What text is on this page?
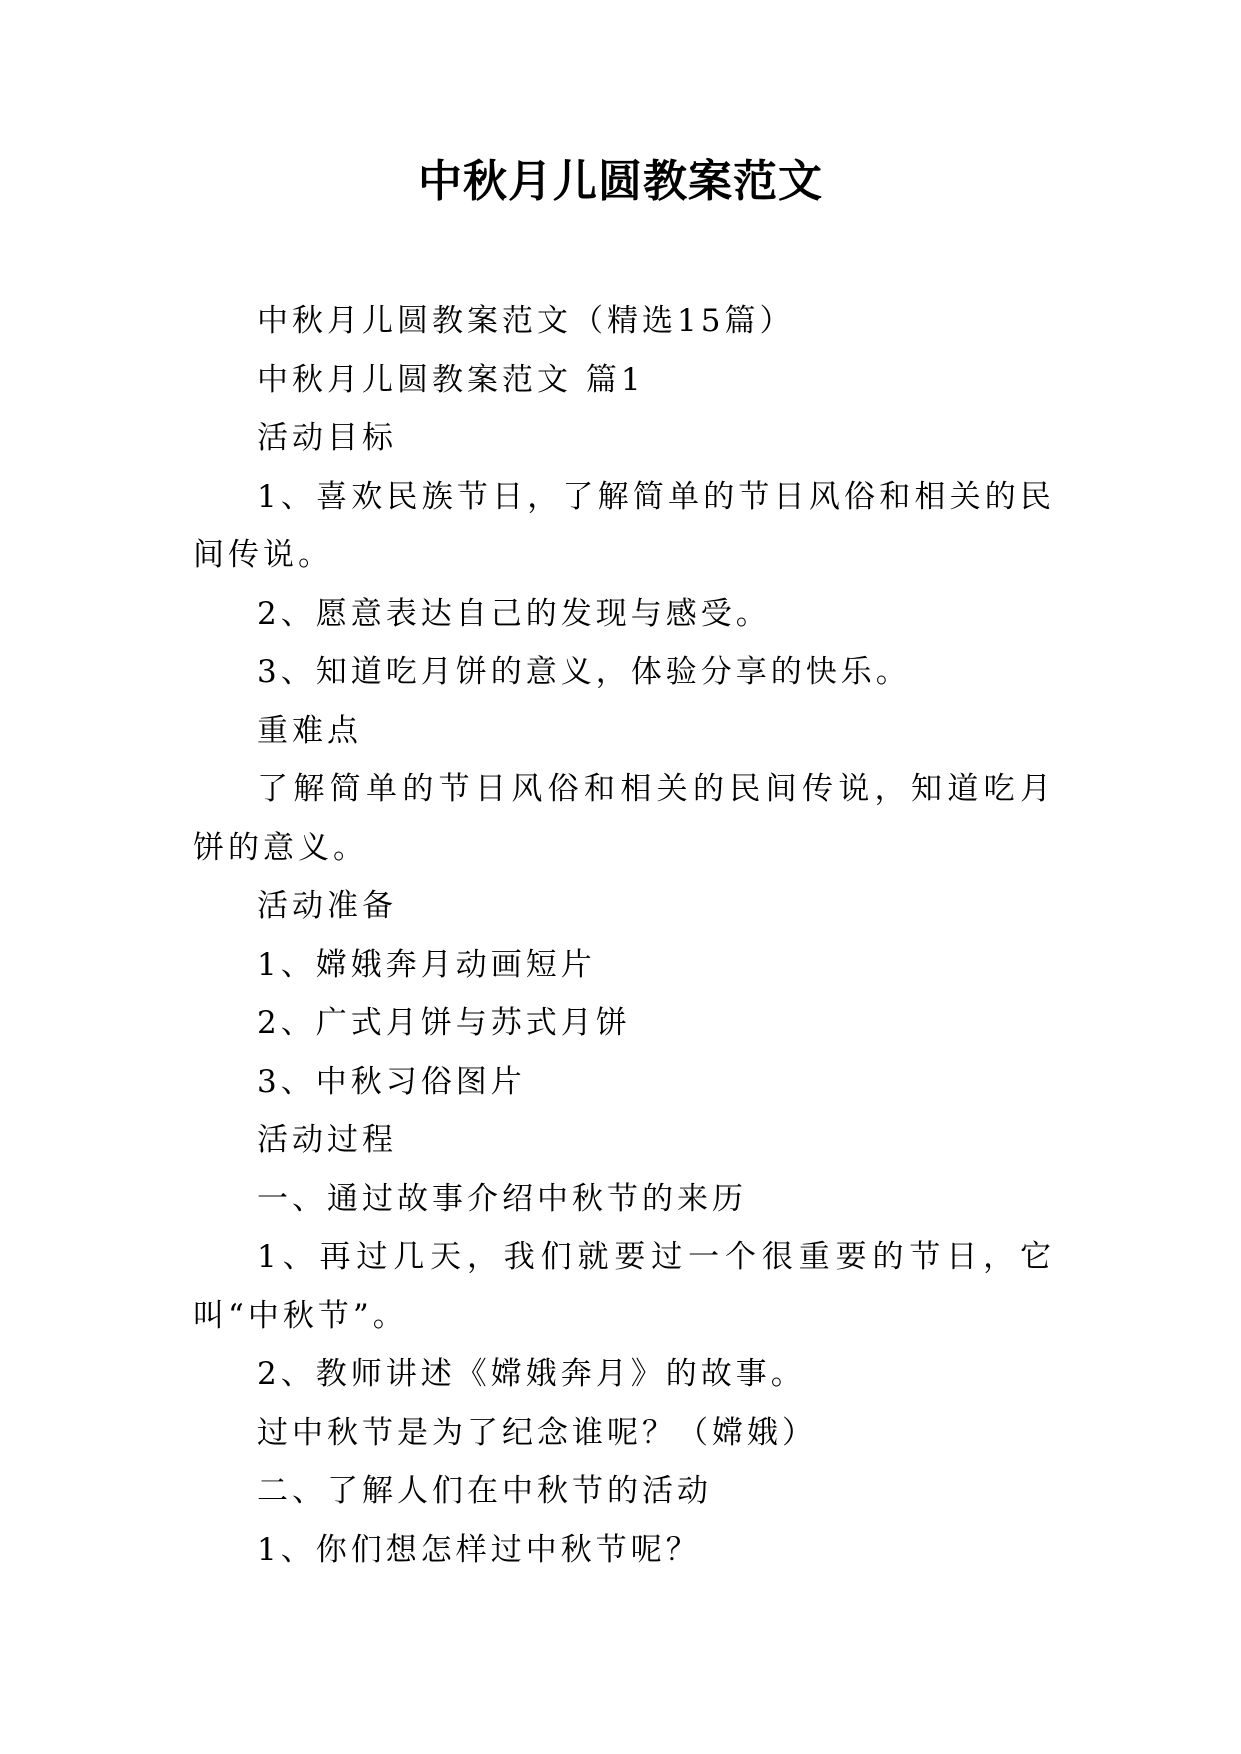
中秋月儿圆教案范文

中秋月儿圆教案范文（精选15篇）

中秋月儿圆教案范文 篇1

活动目标

1、喜欢民族节日，了解简单的节日风俗和相关的民间传说。

2、愿意表达自己的发现与感受。

3、知道吃月饼的意义，体验分享的快乐。

重难点

了解简单的节日风俗和相关的民间传说，知道吃月饼的意义。

活动准备

1、嫦娥奔月动画短片

2、广式月饼与苏式月饼

3、中秋习俗图片

活动过程

一、通过故事介绍中秋节的来历

1、再过几天，我们就要过一个很重要的节日，它叫“中秋节”。

2、教师讲述《嫦娥奔月》的故事。

过中秋节是为了纪念谁呢？（嫦娥）

二、了解人们在中秋节的活动

1、你们想怎样过中秋节呢？
